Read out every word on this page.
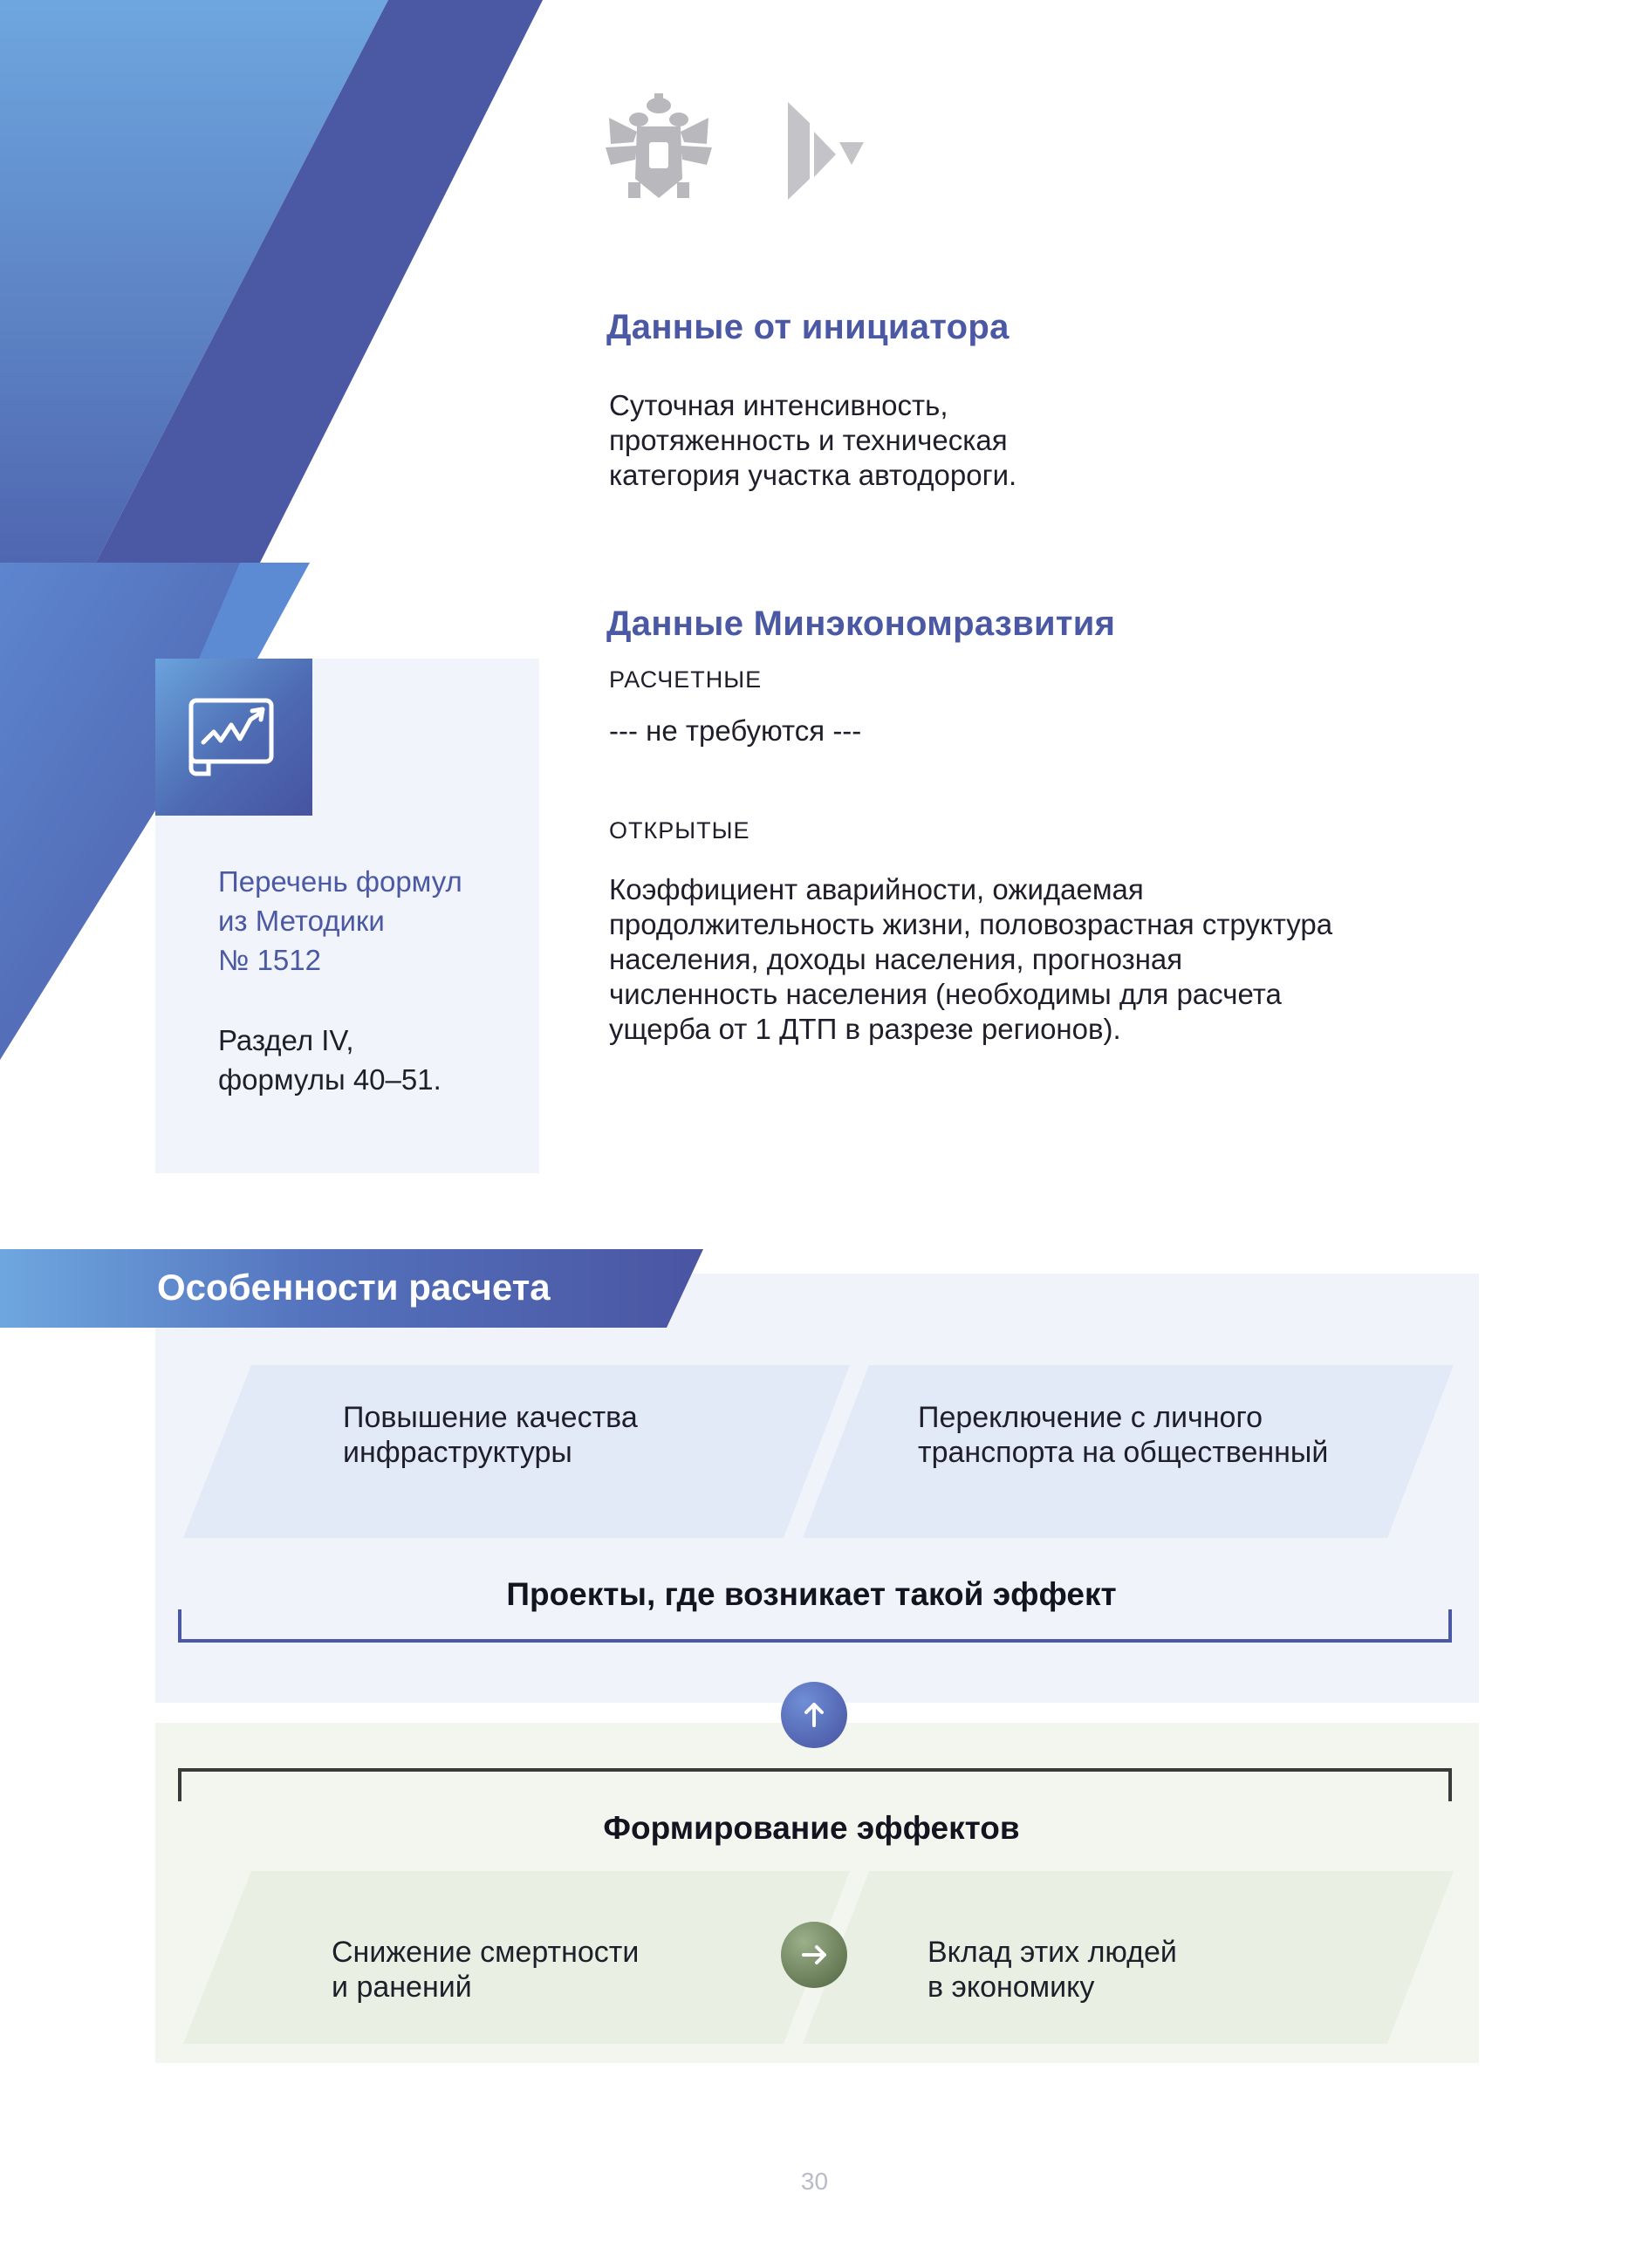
Перечень формул
из Методики
№ 1512
Раздел IV,
формулы 40–51.
Данные от инициатора
Суточная интенсивность,
протяженность и техническая
категория участка автодороги.
Данные Минэкономразвития
РАСЧЕТНЫЕ
--- не требуются ---
ОТКРЫТЫЕ
Коэффициент аварийности, ожидаемая
продолжительность жизни, половозрастная структура
населения, доходы населения, прогнозная
численность населения (необходимы для расчета
ущерба от 1 ДТП в разрезе регионов).
Особенности расчета
Повышение качества
инфраструктуры
Переключение с личного
транспорта на общественный
Проекты, где возникает такой эффект
Формирование эффектов
Снижение смертности
и ранений
Вклад этих людей
в экономику
30
